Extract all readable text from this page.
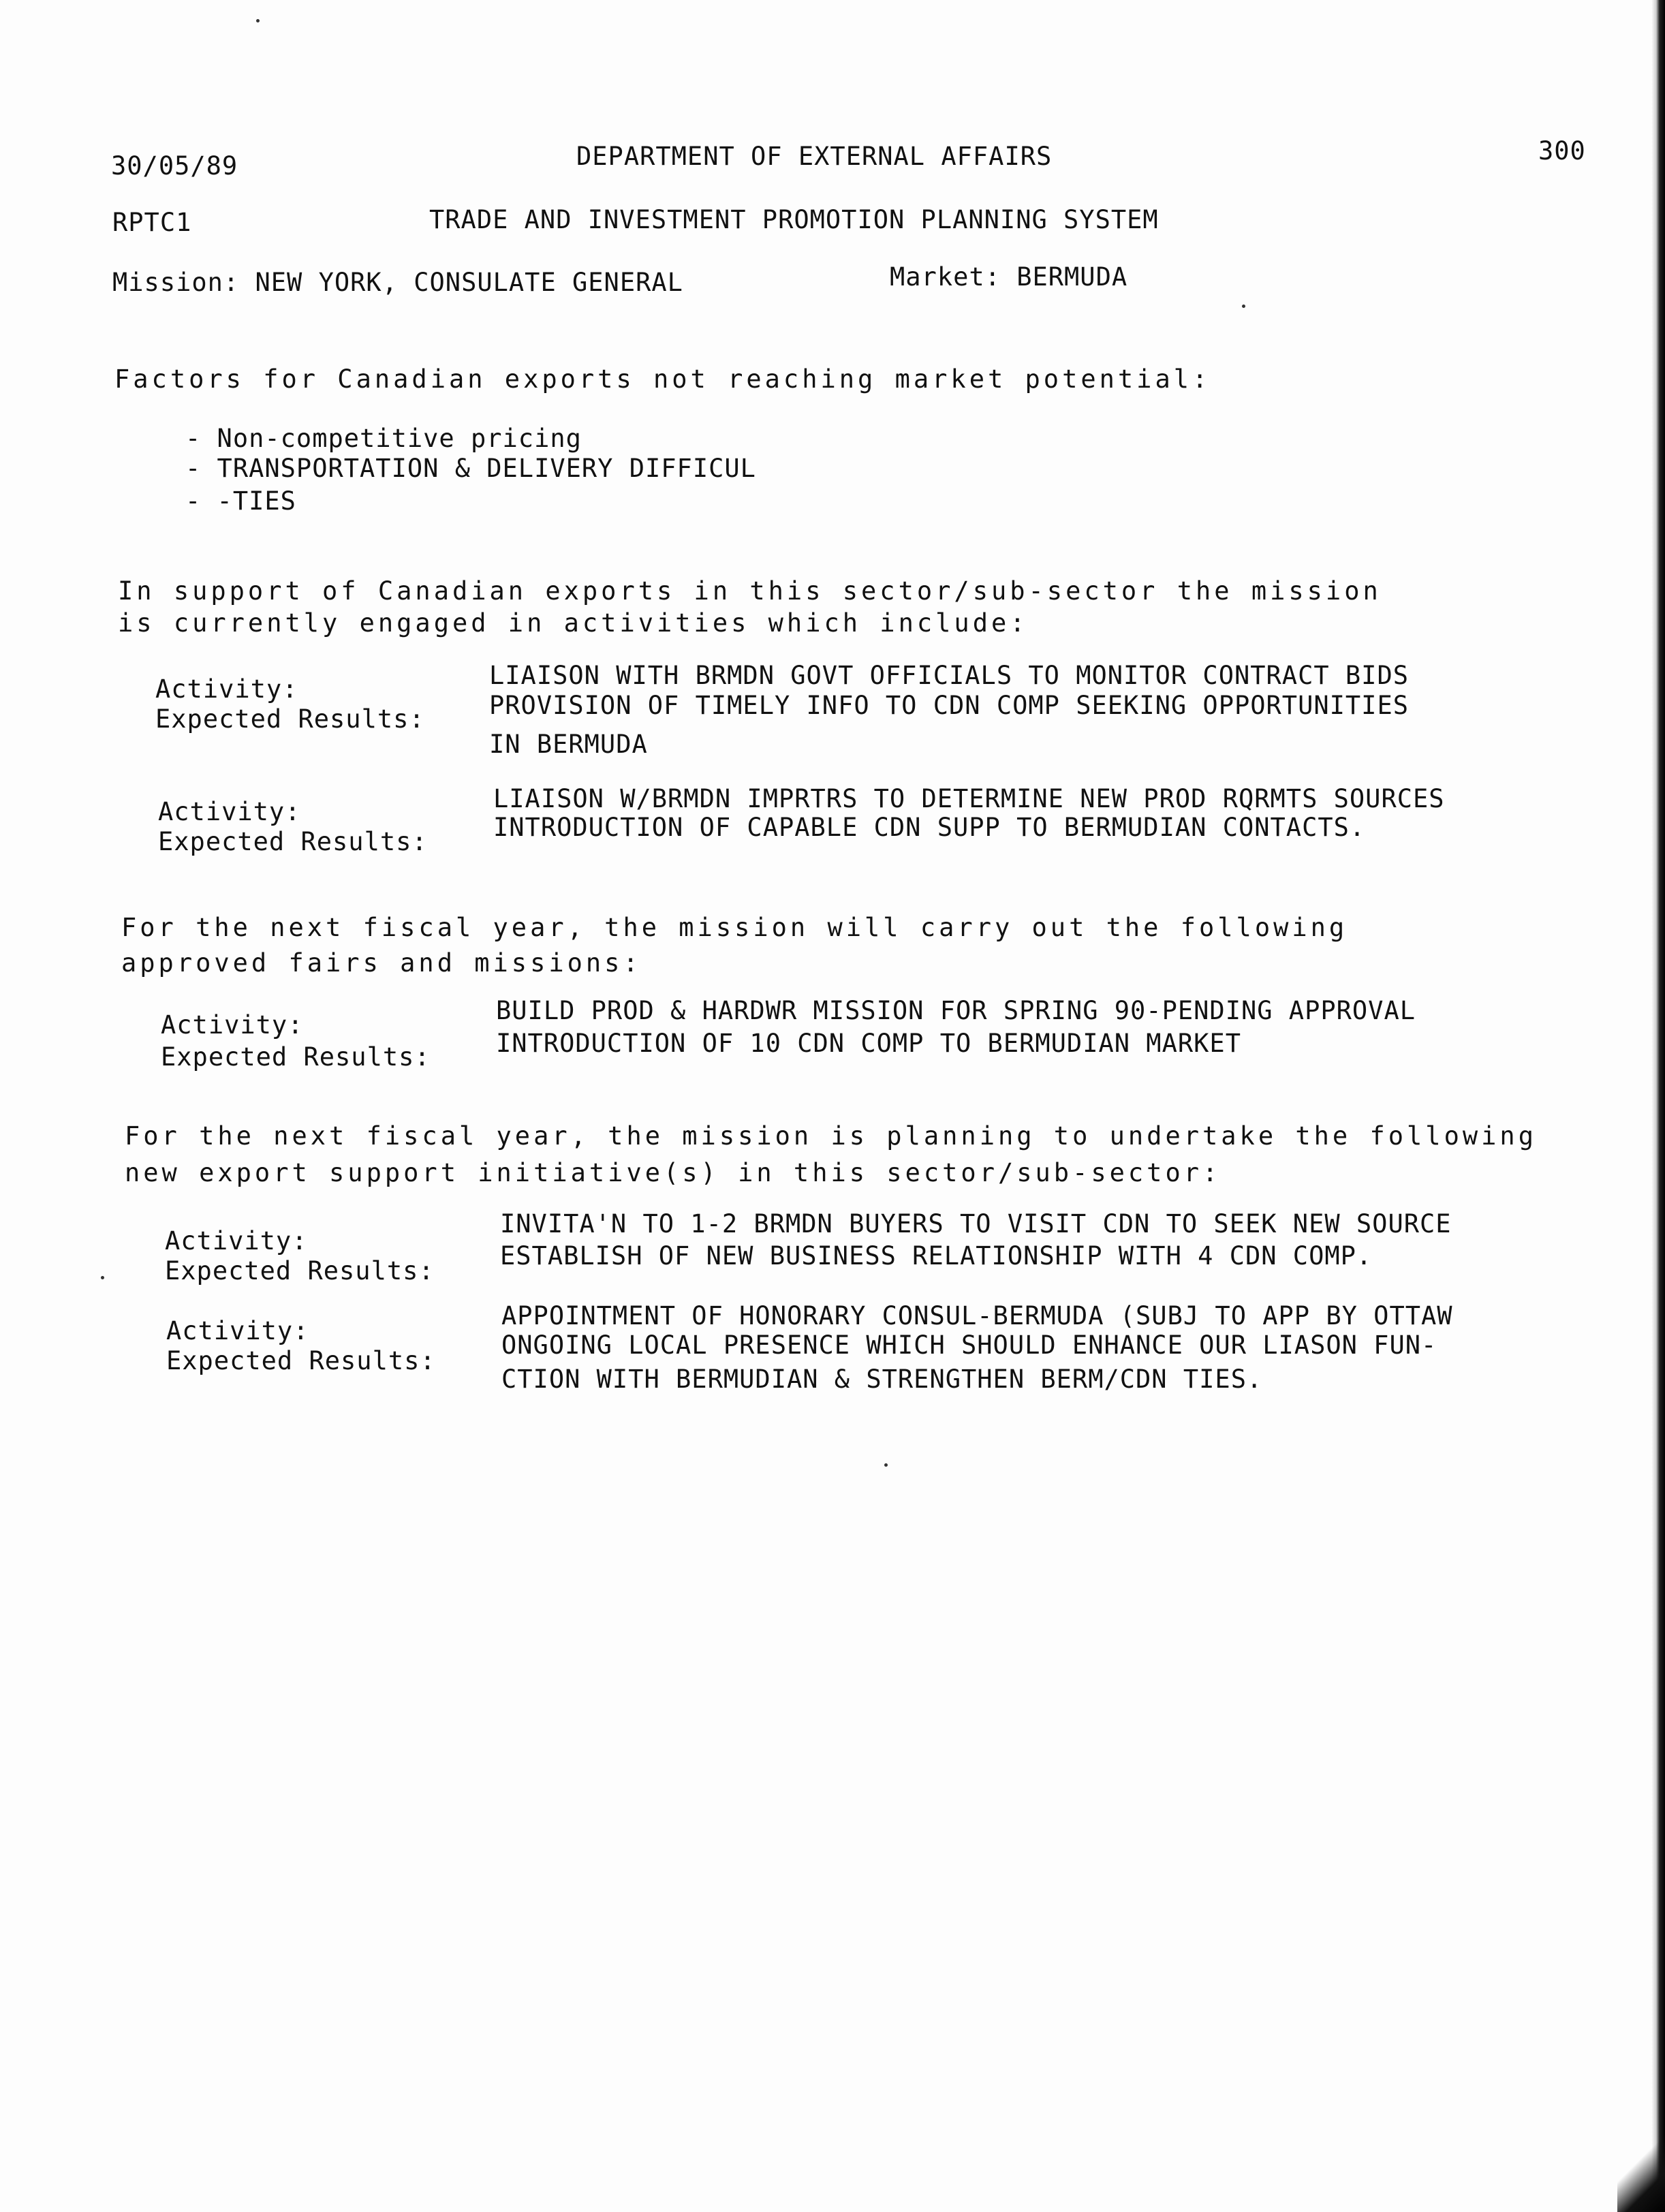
30/05/89	DEPARTMENT OF EXTERNAL AFFAIRS	300
RPTC1	TRADE AND INVESTMENT PROMOTION PLANNING SYSTEM
Mission: NEW YORK, CONSULATE GENERAL	Market: BERMUDA
Factors for Canadian exports not reaching market potential:
- Non-competitive pricing
- TRANSPORTATION & DELIVERY DIFFICUL
- -TIES
In support of Canadian exports in this sector/sub-sector the mission
is currently engaged in activities which include:
Activity:	LIAISON WITH BRMDN GOVT OFFICIALS TO MONITOR CONTRACT BIDS
Expected Results:	PROVISION OF TIMELY INFO TO CDN COMP SEEKING OPPORTUNITIES
IN BERMUDA
Activity:	LIAISON W/BRMDN IMPRTRS TO DETERMINE NEW PROD RQRMTS SOURCES
Expected Results:	INTRODUCTION OF CAPABLE CDN SUPP TO BERMUDIAN CONTACTS.
For the next fiscal year, the mission will carry out the following
approved fairs and missions:
Activity:	BUILD PROD & HARDWR MISSION FOR SPRING 90-PENDING APPROVAL
Expected Results:	INTRODUCTION OF 10 CDN COMP TO BERMUDIAN MARKET
For the next fiscal year, the mission is planning to undertake the following
new export support initiative(s) in this sector/sub-sector:
Activity:
INVITA'N TO 1-2 BRMDN BUYERS TO VISIT CDN TO SEEK NEW SOURCE
Expected Results:
ESTABLISH OF NEW BUSINESS RELATIONSHIP WITH 4 CDN COMP.
Activity:
APPOINTMENT OF HONORARY CONSUL-BERMUDA (SUBJ TO APP BY OTTAW
Expected Results:
ONGOING LOCAL PRESENCE WHICH SHOULD ENHANCE OUR LIASON FUN-
CTION WITH BERMUDIAN & STRENGTHEN BERM/CDN TIES.
